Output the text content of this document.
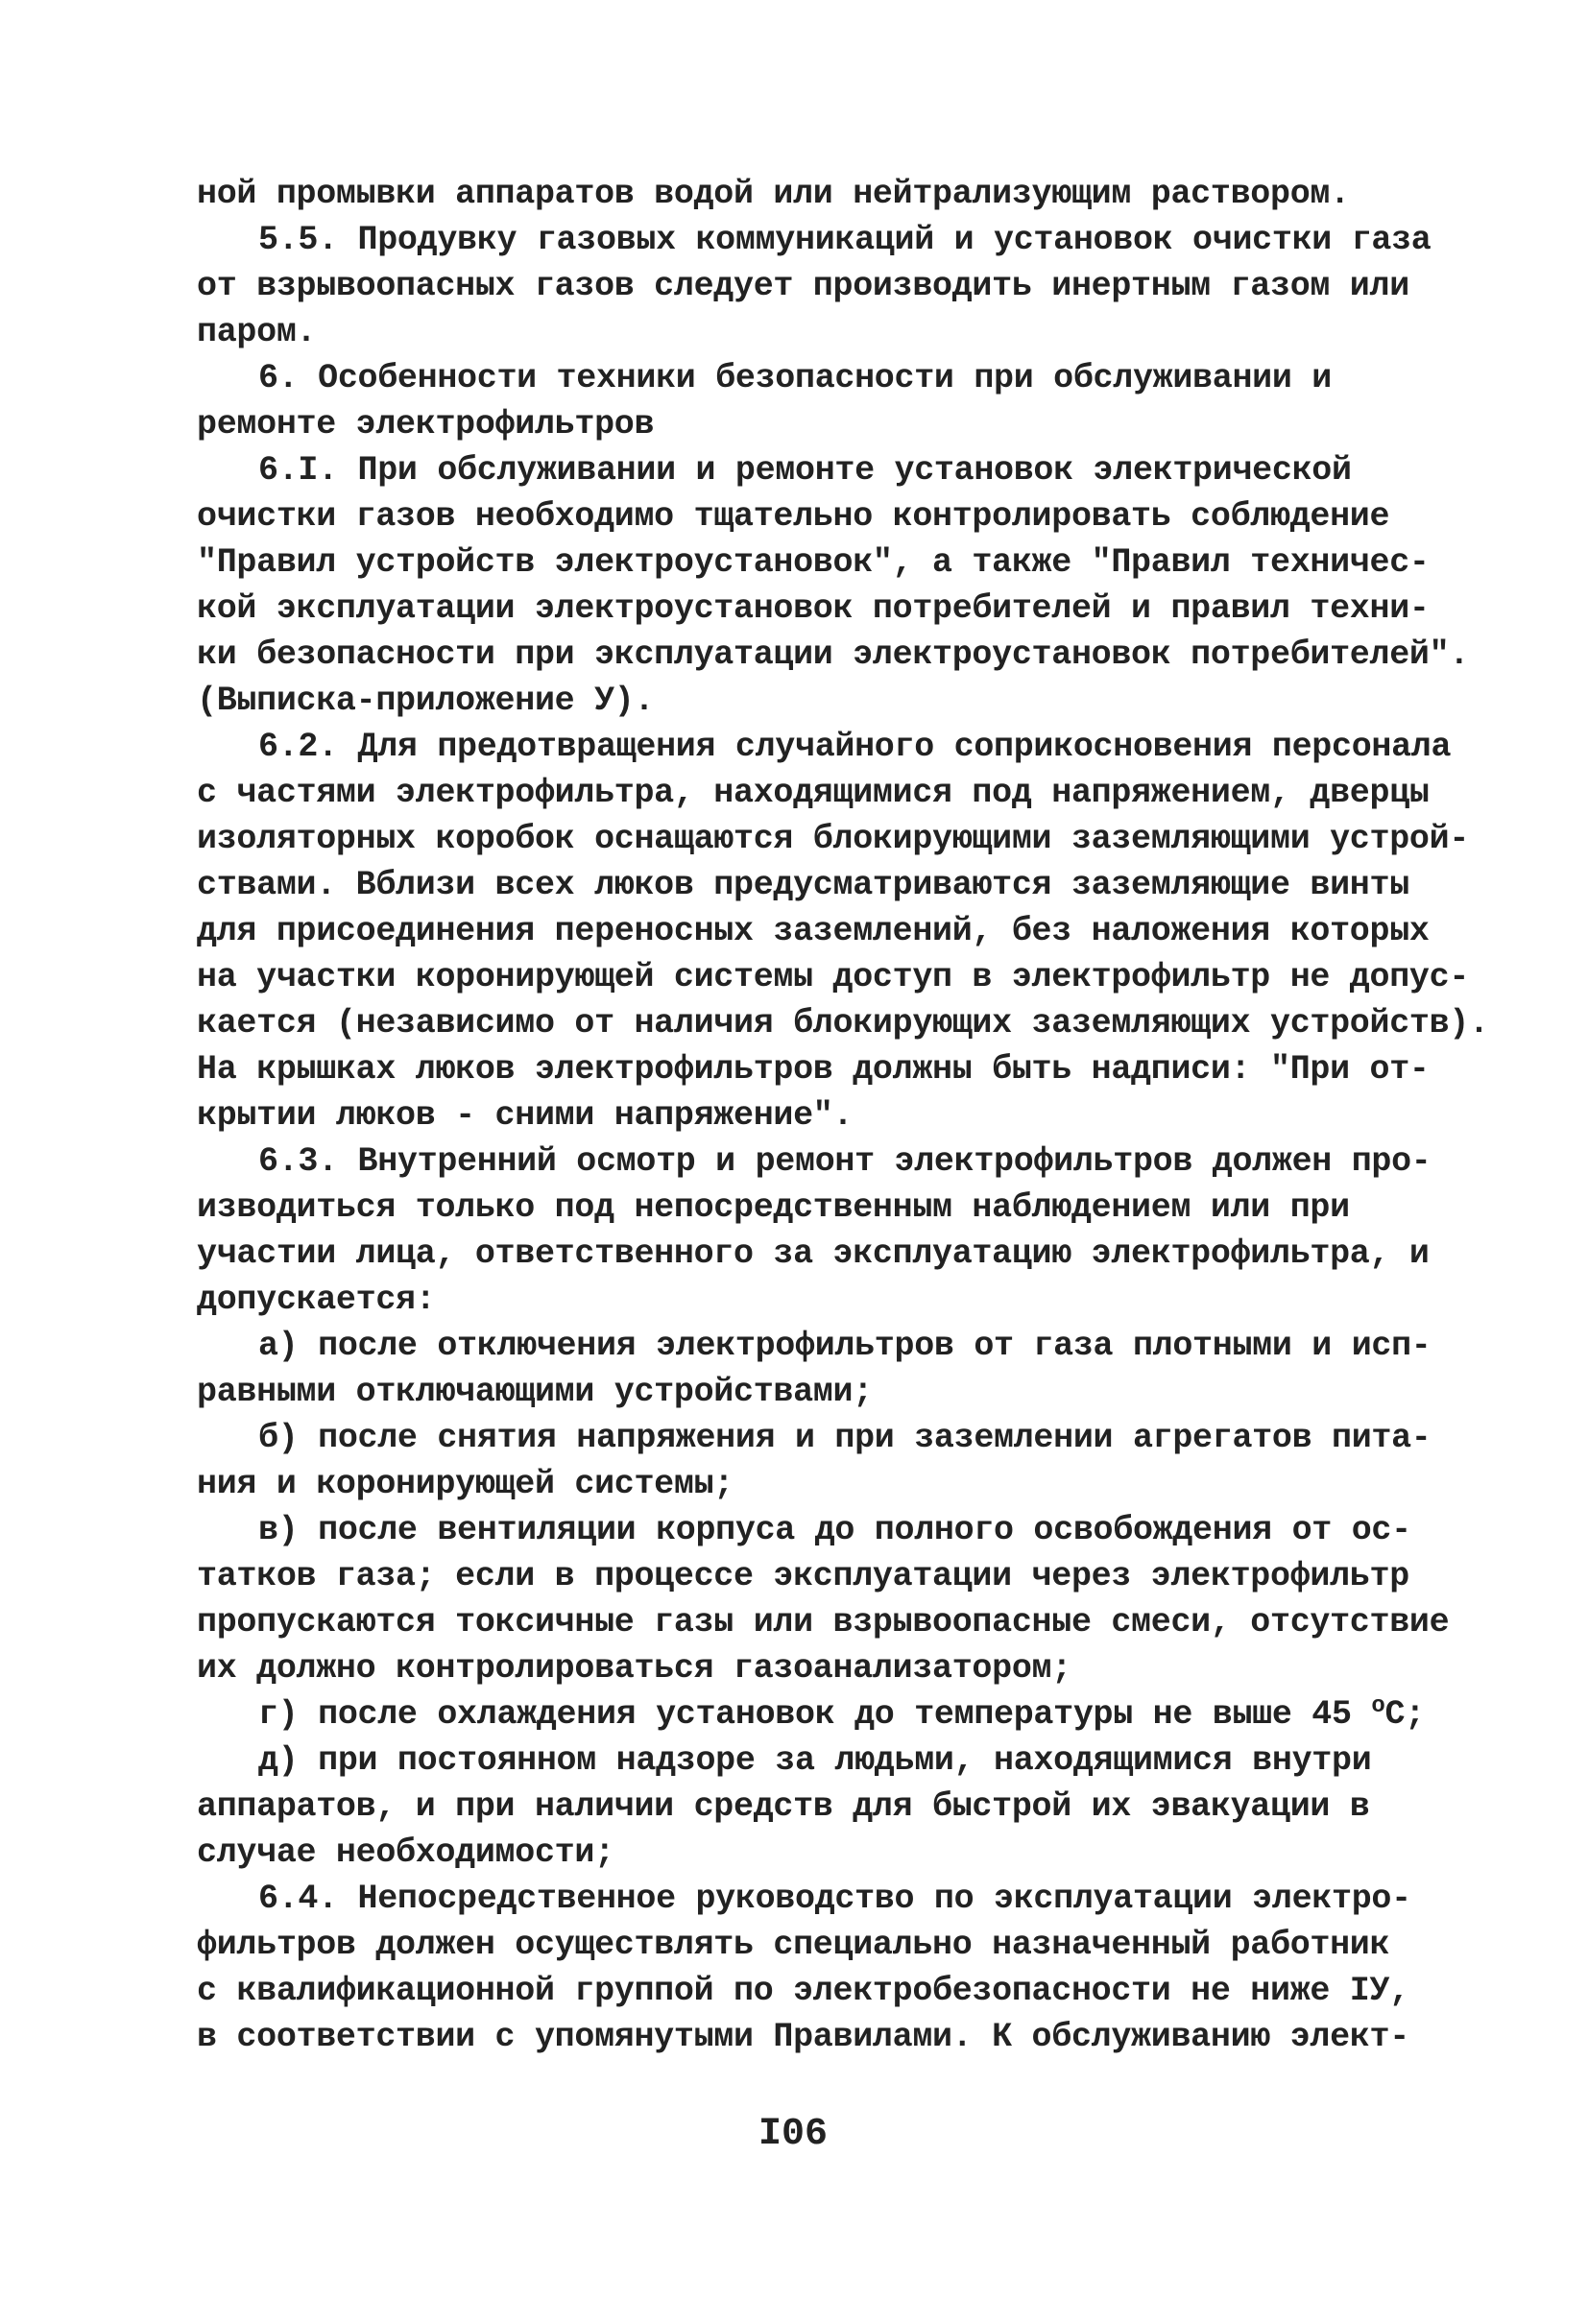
ной промывки аппаратов водой или нейтрализующим раствором.
5.5. Продувку газовых коммуникаций и установок очистки газа
от взрывоопасных газов следует производить инертным газом или
паром.
6. Особенности техники безопасности при обслуживании и
ремонте электрофильтров
6.I. При обслуживании и ремонте установок электрической
очистки газов необходимо тщательно контролировать соблюдение
"Правил устройств электроустановок", а также "Правил техничес-
кой эксплуатации электроустановок потребителей и правил техни-
ки безопасности при эксплуатации электроустановок потребителей".
(Выписка-приложение У).
6.2. Для предотвращения случайного соприкосновения персонала
с частями электрофильтра, находящимися под напряжением, дверцы
изоляторных коробок оснащаются блокирующими заземляющими устрой-
ствами. Вблизи всех люков предусматриваются заземляющие винты
для присоединения переносных заземлений, без наложения которых
на участки коронирующей систeмы доступ в электрофильтр не допус-
кается (независимо от наличия блокирующих заземляющих устройств).
На крышках люков электрофильтров должны быть надписи: "При от-
крытии люков - сними напряжение".
6.3. Внутренний осмотр и ремонт электрофильтров должен про-
изводиться только под непосредственным наблюдением или при
участии лица, ответственного за эксплуатацию электрофильтра, и
допускается:
а) после отключения электрофильтров от газа плотными и исп-
равными отключающими устройствами;
б) после снятия напряжения и при заземлении агрегатов пита-
ния и коронирующей системы;
в) после вентиляции корпуса до полного освобождения от ос-
татков газа; если в процессе эксплуатации через электрофильтр
пропускаются токсичные газы или взрывоопасные смеси, отсутствие
их должно контролироваться газоанализатором;
г) после охлаждения установок до температуры не выше 45 $^о$С;
д) при постоянном надзоре за людьми, находящимися внутри
аппаратов, и при наличии средств для быстрой их эвакуации в
случае необходимости;
6.4. Непосредственное руководство по эксплуатации электро-
фильтров должен осуществлять специально назначенный работник
с квалификационной группой по электробезопасности не ниже IУ,
в соответствии с упомянутыми Правилами. К обслуживанию элект-
I06
